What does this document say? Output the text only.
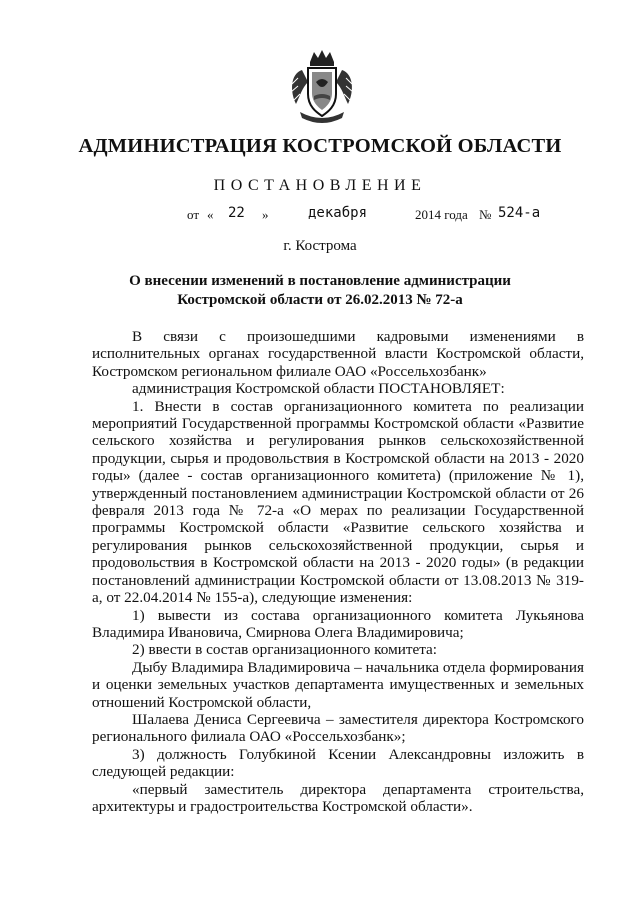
АДМИНИСТРАЦИЯ КОСТРОМСКОЙ ОБЛАСТИ
ПОСТАНОВЛЕНИЕ
от « 22 »	декабря	2014 года № 524-а
г. Кострома
О внесении изменений в постановление администрации
Костромской области от 26.02.2013 № 72-а

В связи с произошедшими кадровыми изменениями в исполнительных органах государственной власти Костромской области, Костромском региональном филиале ОАО «Россельхозбанк»

администрация Костромской области ПОСТАНОВЛЯЕТ:

1. Внести в состав организационного комитета по реализации мероприятий Государственной программы Костромской области «Развитие сельского хозяйства и регулирования рынков сельскохозяйственной продукции, сырья и продовольствия в Костромской области на 2013 - 2020 годы» (далее - состав организационного комитета) (приложение № 1), утвержденный постановлением администрации Костромской области от 26 февраля 2013 года № 72-а «О мерах по реализации Государственной программы Костромской области «Развитие сельского хозяйства и регулирования рынков сельскохозяйственной продукции, сырья и продовольствия в Костромской области на 2013 - 2020 годы» (в редакции постановлений администрации Костромской области от 13.08.2013 № 319-а, от 22.04.2014 № 155-а), следующие изменения:

1) вывести из состава организационного комитета Лукьянова Владимира Ивановича, Смирнова Олега Владимировича;

2) ввести в состав организационного комитета:

Дыбу Владимира Владимировича – начальника отдела формирования и оценки земельных участков департамента имущественных и земельных отношений Костромской области,

Шалаева Дениса Сергеевича – заместителя директора Костромского регионального филиала ОАО «Россельхозбанк»;

3) должность Голубкиной Ксении Александровны изложить в следующей редакции:

«первый заместитель директора департамента строительства, архитектуры и градостроительства Костромской области».
